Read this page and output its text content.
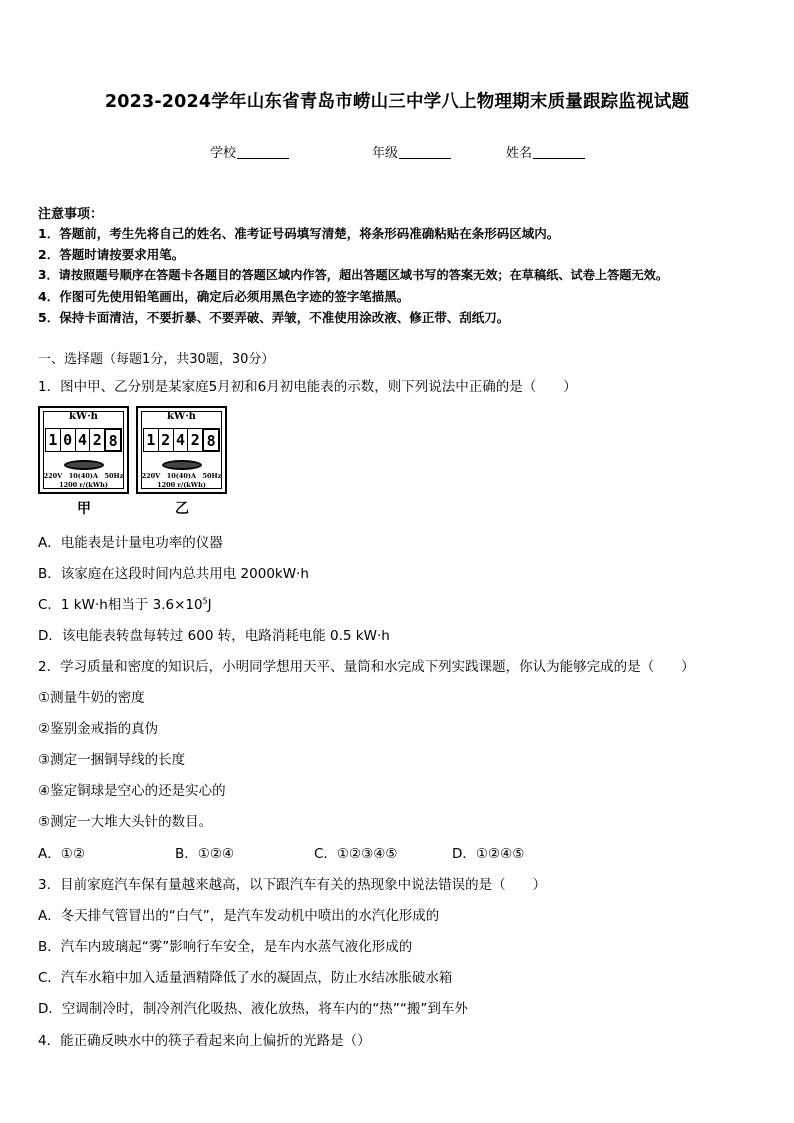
2023-2024学年山东省青岛市崂山三中学八上物理期末质量跟踪监视试题
学校	年级	姓名
注意事项：
1．答题前，考生先将自己的姓名、准考证号码填写清楚，将条形码准确粘贴在条形码区域内。
2．答题时请按要求用笔。
3．请按照题号顺序在答题卡各题目的答题区域内作答，超出答题区域书写的答案无效；在草稿纸、试卷上答题无效。
4．作图可先使用铅笔画出，确定后必须用黑色字迹的签字笔描黑。
5．保持卡面清洁，不要折暴、不要弄破、弄皱，不准使用涂改液、修正带、刮纸刀。
一、选择题（每题1分，共30题，30分）
1．图中甲、乙分别是某家庭5月初和6月初电能表的示数，则下列说法中正确的是（　　）
kW·h
1 0 4 2 8
220V　10(40)A　50Hz
1200 r/(kWh)
甲
kW·h
1 2 4 2 8
220V　10(40)A　50Hz
1200 r/(kWh)
乙
A．电能表是计量电功率的仪器
B．该家庭在这段时间内总共用电 2000kW·h
C．1 kW·h相当于 $3.6\times 10^5J$
D．该电能表转盘每转过 600 转，电路消耗电能 0.5 kW·h
2．学习质量和密度的知识后，小明同学想用天平、量筒和水完成下列实践课题，你认为能够完成的是（　　）
①测量牛奶的密度
②鉴别金戒指的真伪
③测定一捆铜导线的长度
④鉴定铜球是空心的还是实心的
⑤测定一大堆大头针的数目。
A．①②	B．①②④	C．①②③④⑤	D．①②④⑤
3．目前家庭汽车保有量越来越高，以下跟汽车有关的热现象中说法错误的是（　　）
A．冬天排气管冒出的“白气”，是汽车发动机中喷出的水汽化形成的
B．汽车内玻璃起“雾”影响行车安全，是车内水蒸气液化形成的
C．汽车水箱中加入适量酒精降低了水的凝固点，防止水结冰胀破水箱
D．空调制冷时，制冷剂汽化吸热、液化放热，将车内的“热”“搬”到车外
4．能正确反映水中的筷子看起来向上偏折的光路是（）
